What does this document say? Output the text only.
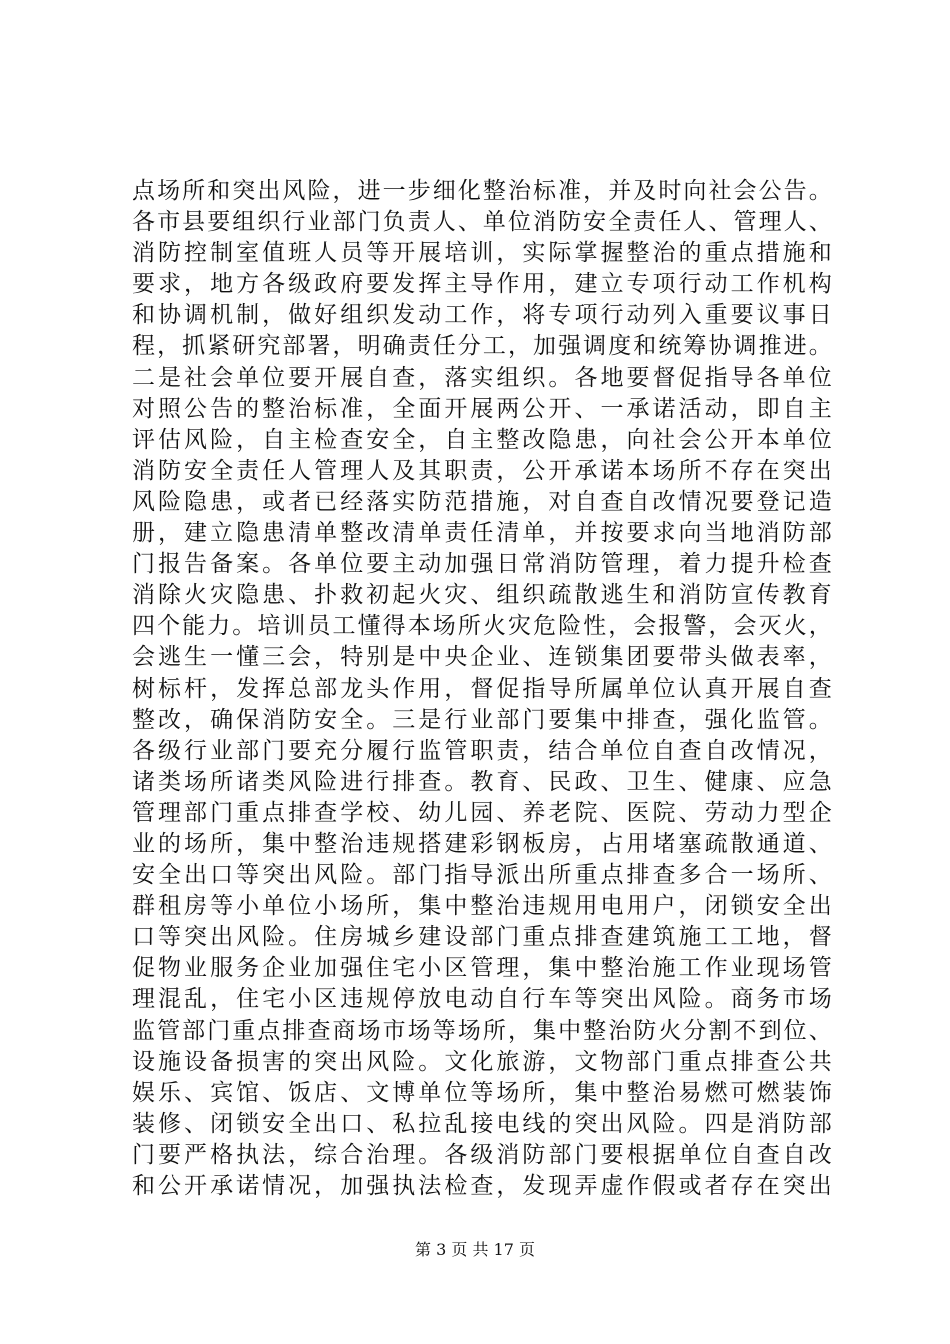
点场所和突出风险，进一步细化整治标准，并及时向社会公告。
各市县要组织行业部门负责人、单位消防安全责任人、管理人、
消防控制室值班人员等开展培训，实际掌握整治的重点措施和
要求，地方各级政府要发挥主导作用，建立专项行动工作机构
和协调机制，做好组织发动工作，将专项行动列入重要议事日
程，抓紧研究部署，明确责任分工，加强调度和统筹协调推进。
二是社会单位要开展自查，落实组织。各地要督促指导各单位
对照公告的整治标准，全面开展两公开、一承诺活动，即自主
评估风险，自主检查安全，自主整改隐患，向社会公开本单位
消防安全责任人管理人及其职责，公开承诺本场所不存在突出
风险隐患，或者已经落实防范措施，对自查自改情况要登记造
册，建立隐患清单整改清单责任清单，并按要求向当地消防部
门报告备案。各单位要主动加强日常消防管理，着力提升检查
消除火灾隐患、扑救初起火灾、组织疏散逃生和消防宣传教育
四个能力。培训员工懂得本场所火灾危险性，会报警，会灭火，
会逃生一懂三会，特别是中央企业、连锁集团要带头做表率，
树标杆，发挥总部龙头作用，督促指导所属单位认真开展自查
整改，确保消防安全。三是行业部门要集中排查，强化监管。
各级行业部门要充分履行监管职责，结合单位自查自改情况，
诸类场所诸类风险进行排查。教育、民政、卫生、健康、应急
管理部门重点排查学校、幼儿园、养老院、医院、劳动力型企
业的场所，集中整治违规搭建彩钢板房，占用堵塞疏散通道、
安全出口等突出风险。部门指导派出所重点排查多合一场所、
群租房等小单位小场所，集中整治违规用电用户，闭锁安全出
口等突出风险。住房城乡建设部门重点排查建筑施工工地，督
促物业服务企业加强住宅小区管理，集中整治施工作业现场管
理混乱，住宅小区违规停放电动自行车等突出风险。商务市场
监管部门重点排查商场市场等场所，集中整治防火分割不到位、
设施设备损害的突出风险。文化旅游，文物部门重点排查公共
娱乐、宾馆、饭店、文博单位等场所，集中整治易燃可燃装饰
装修、闭锁安全出口、私拉乱接电线的突出风险。四是消防部
门要严格执法，综合治理。各级消防部门要根据单位自查自改
和公开承诺情况，加强执法检查，发现弄虚作假或者存在突出
第 3 页 共 17 页
